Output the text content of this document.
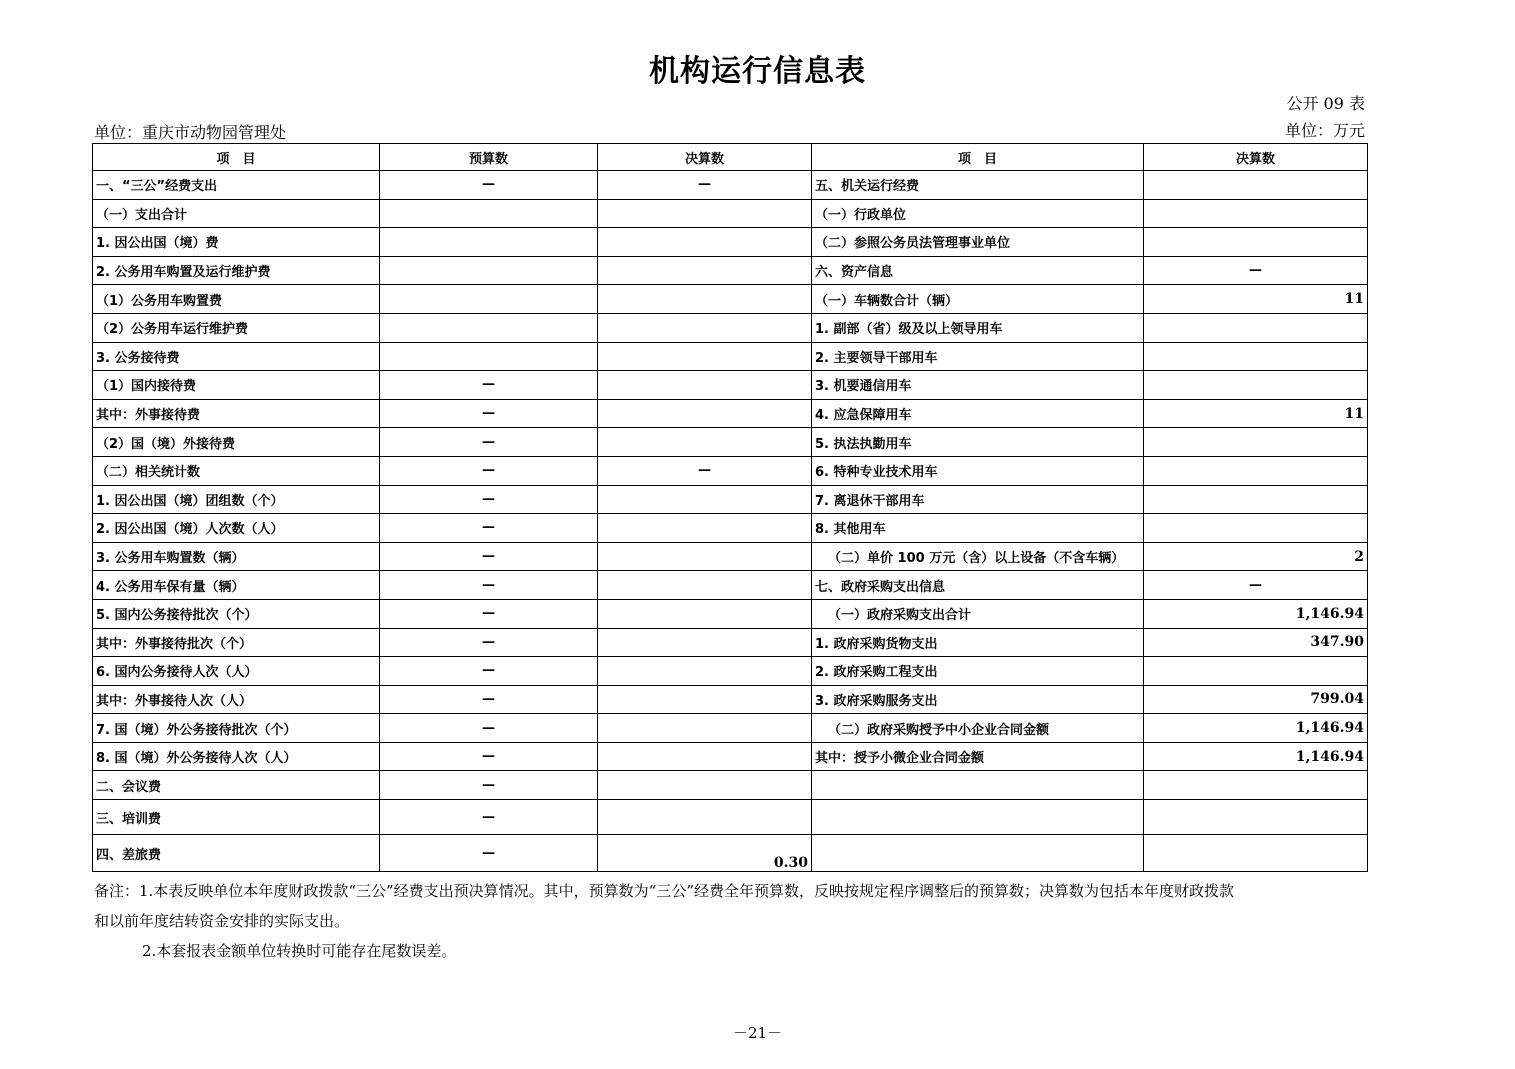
机构运行信息表
公开 09 表
单位：重庆市动物园管理处	单位：万元
项　目	预算数	决算数	项　目	决算数
一、“三公”经费支出	—	—	五、机关运行经费	
（一）支出合计			（一）行政单位	
1. 因公出国（境）费			（二）参照公务员法管理事业单位	
2. 公务用车购置及运行维护费			六、资产信息	—
（1）公务用车购置费			（一）车辆数合计（辆）	11
（2）公务用车运行维护费			1. 副部（省）级及以上领导用车	
3. 公务接待费			2. 主要领导干部用车	
（1）国内接待费	—		3. 机要通信用车	
其中：外事接待费	—		4. 应急保障用车	11
（2）国（境）外接待费	—		5. 执法执勤用车	
（二）相关统计数	—	—	6. 特种专业技术用车	
1. 因公出国（境）团组数（个）	—		7. 离退休干部用车	
2. 因公出国（境）人次数（人）	—		8. 其他用车	
3. 公务用车购置数（辆）	—		（二）单价 100 万元（含）以上设备（不含车辆）	2
4. 公务用车保有量（辆）	—		七、政府采购支出信息	—
5. 国内公务接待批次（个）	—		（一）政府采购支出合计	1,146.94
其中：外事接待批次（个）	—		1. 政府采购货物支出	347.90
6. 国内公务接待人次（人）	—		2. 政府采购工程支出	
其中：外事接待人次（人）	—		3. 政府采购服务支出	799.04
7. 国（境）外公务接待批次（个）	—		（二）政府采购授予中小企业合同金额	1,146.94
8. 国（境）外公务接待人次（人）	—		其中：授予小微企业合同金额	1,146.94
二、会议费	—			
三、培训费	—			
四、差旅费	—	0.30		
备注：1.本表反映单位本年度财政拨款“三公”经费支出预决算情况。其中，预算数为“三公”经费全年预算数，反映按规定程序调整后的预算数；决算数为包括本年度财政拨款
和以前年度结转资金安排的实际支出。
2.本套报表金额单位转换时可能存在尾数误差。
－21－
